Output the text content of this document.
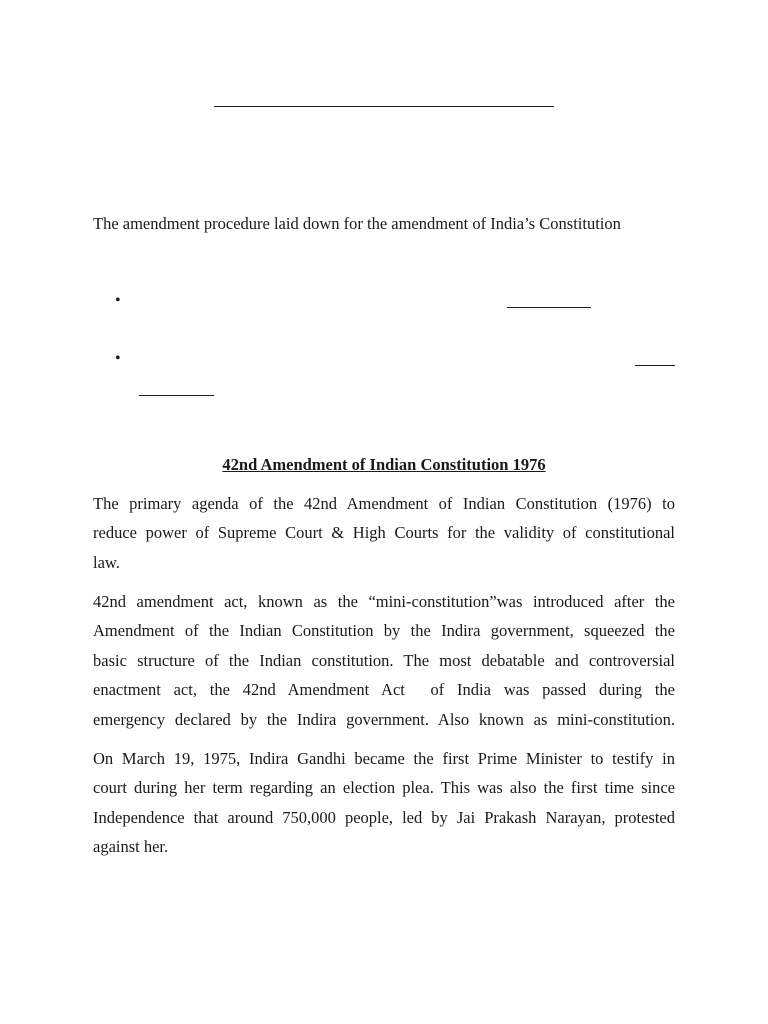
The amendment procedure laid down for the amendment of India’s Constitution
•
•
42nd Amendment of Indian Constitution 1976
The primary agenda of the 42nd Amendment of Indian Constitution (1976) to
reduce power of Supreme Court & High Courts for the validity of constitutional
law.
42nd amendment act, known as the “mini-constitution”was introduced after the
Amendment of the Indian Constitution by the Indira government, squeezed the
basic structure of the Indian constitution. The most debatable and controversial
enactment act, the 42nd Amendment Act  of India was passed during the
emergency declared by the Indira government. Also known as mini-constitution.
On March 19, 1975, Indira Gandhi became the first Prime Minister to testify in
court during her term regarding an election plea. This was also the first time since
Independence that around 750,000 people, led by Jai Prakash Narayan, protested
against her.
